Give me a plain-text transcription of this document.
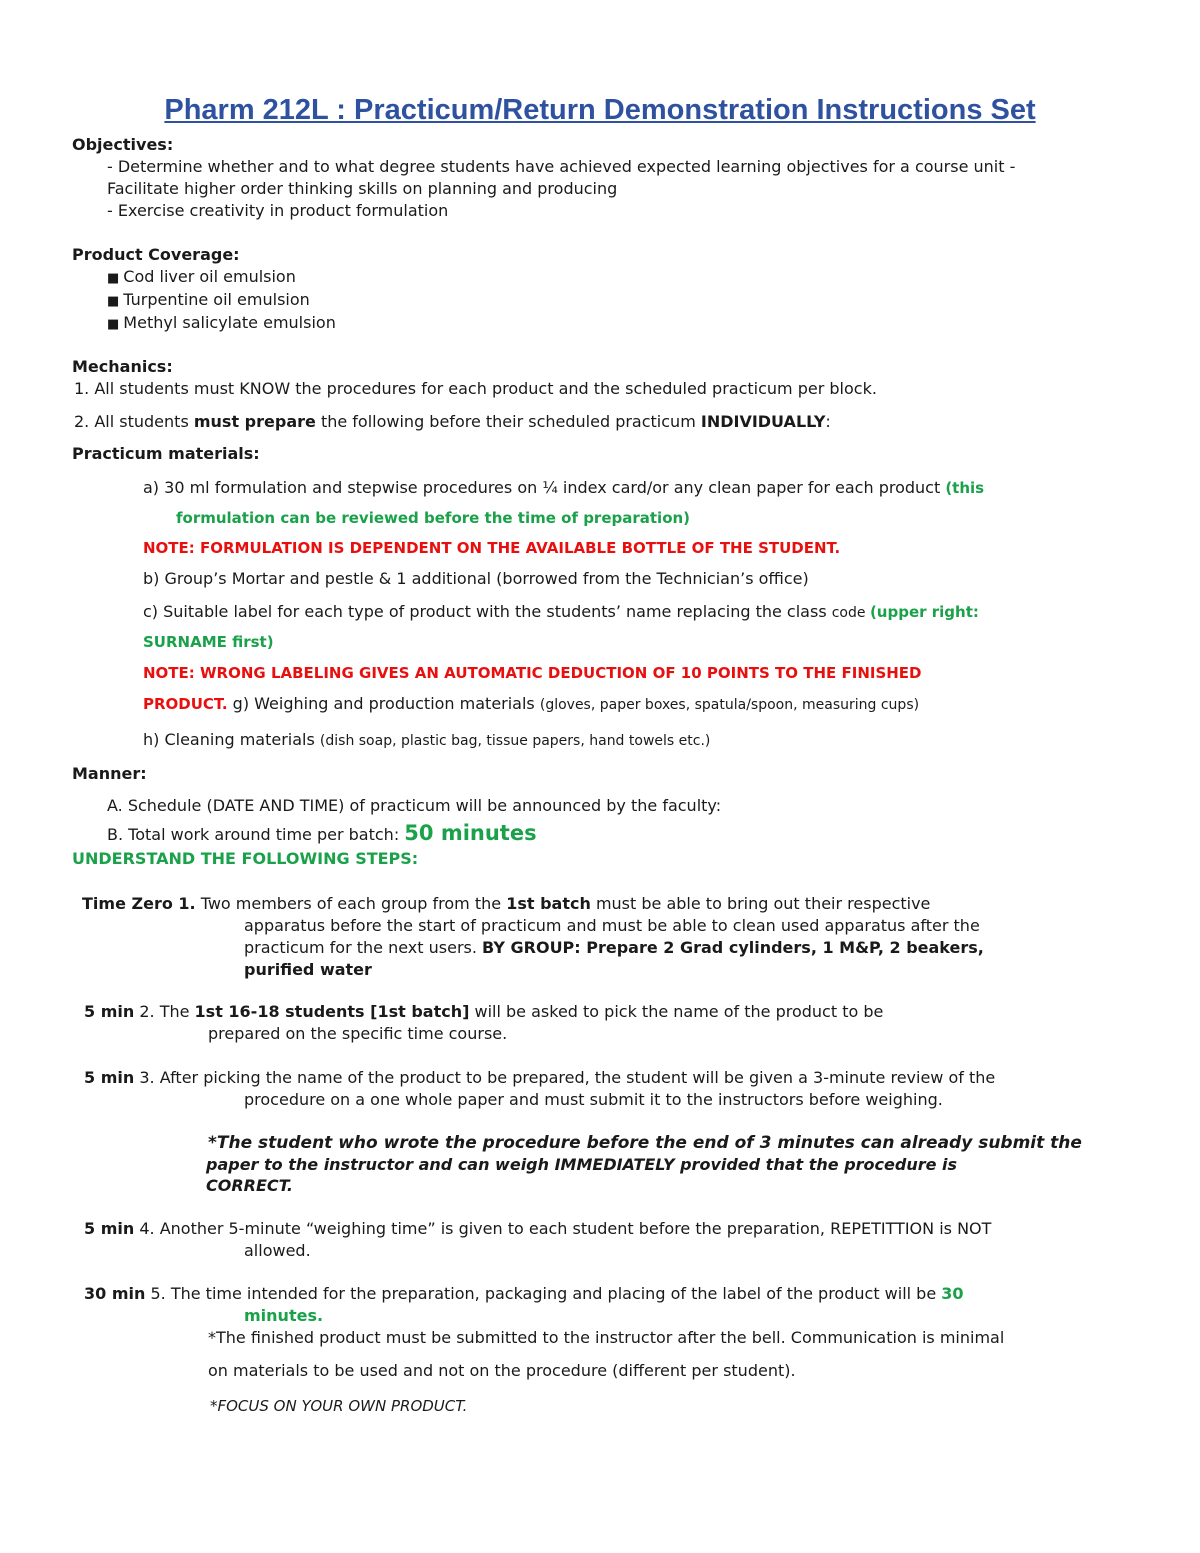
Pharm 212L : Practicum/Return Demonstration Instructions Set
Objectives:
- Determine whether and to what degree students have achieved expected learning objectives for a course unit -
Facilitate higher order thinking skills on planning and producing
- Exercise creativity in product formulation
Product Coverage:
■ Cod liver oil emulsion
■ Turpentine oil emulsion
■ Methyl salicylate emulsion
Mechanics:
1. All students must KNOW the procedures for each product and the scheduled practicum per block.
2. All students must prepare the following before their scheduled practicum INDIVIDUALLY:
Practicum materials:
a) 30 ml formulation and stepwise procedures on ¼ index card/or any clean paper for each product (this
formulation can be reviewed before the time of preparation)
NOTE: FORMULATION IS DEPENDENT ON THE AVAILABLE BOTTLE OF THE STUDENT.
b) Group’s Mortar and pestle & 1 additional (borrowed from the Technician’s office)
c) Suitable label for each type of product with the students’ name replacing the class code (upper right:
SURNAME first)
NOTE: WRONG LABELING GIVES AN AUTOMATIC DEDUCTION OF 10 POINTS TO THE FINISHED
PRODUCT. g) Weighing and production materials (gloves, paper boxes, spatula/spoon, measuring cups)
h) Cleaning materials (dish soap, plastic bag, tissue papers, hand towels etc.)
Manner:
A. Schedule (DATE AND TIME) of practicum will be announced by the faculty:
B. Total work around time per batch: 50 minutes
UNDERSTAND THE FOLLOWING STEPS:
Time Zero 1. Two members of each group from the 1st batch must be able to bring out their respective
apparatus before the start of practicum and must be able to clean used apparatus after the
practicum for the next users. BY GROUP: Prepare 2 Grad cylinders, 1 M&P, 2 beakers,
purified water
5 min 2. The 1st 16-18 students [1st batch] will be asked to pick the name of the product to be
prepared on the specific time course.
5 min 3. After picking the name of the product to be prepared, the student will be given a 3-minute review of the
procedure on a one whole paper and must submit it to the instructors before weighing.
*The student who wrote the procedure before the end of 3 minutes can already submit the
paper to the instructor and can weigh IMMEDIATELY provided that the procedure is
CORRECT.
5 min 4. Another 5-minute “weighing time” is given to each student before the preparation, REPETITTION is NOT
allowed.
30 min 5. The time intended for the preparation, packaging and placing of the label of the product will be 30
minutes.
*The finished product must be submitted to the instructor after the bell. Communication is minimal
on materials to be used and not on the procedure (different per student).
*FOCUS ON YOUR OWN PRODUCT.
